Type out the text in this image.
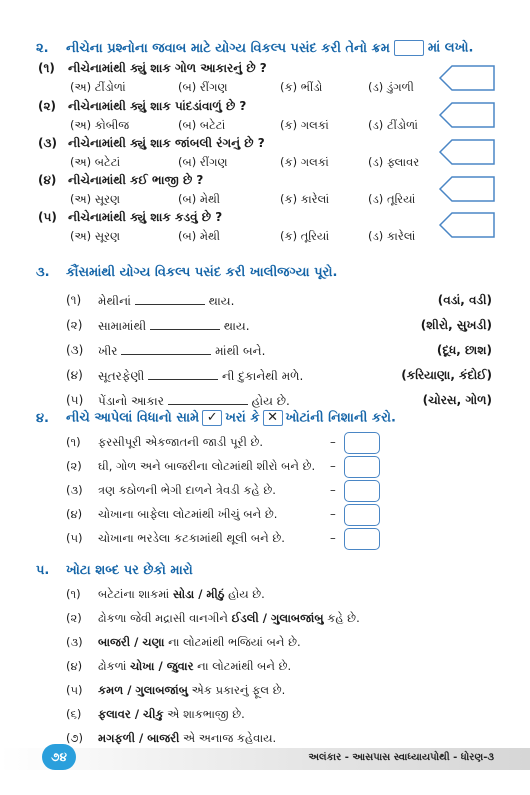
૨. નીચેના પ્રશ્નોના જવાબ માટે યોગ્ય વિકલ્પ પસંદ કરી તેનો ક્રમ	માં લખો.
(૧) નીચેનામાંથી ક્યું શાક ગોળ આકારનું છે ?
(અ) ટીંડોળાં	(બ) રીંગણ	(ક) ભીંડો	(ડ) ડુંગળી
(૨) નીચેનામાંથી ક્યું શાક પાંદડાંવાળું છે ?
(અ) કોબીજ	(બ) બટેટાં	(ક) ગલકાં	(ડ) ટીંડોળાં
(૩) નીચેનામાંથી ક્યું શાક જાંબલી રંગનું છે ?
(અ) બટેટાં	(બ) રીંગણ	(ક) ગલકાં	(ડ) ફ્લાવર
(૪) નીચેનામાંથી કઈ ભાજી છે ?
(અ) સૂરણ	(બ) મેથી	(ક) કારેલાં	(ડ) તૂરિયાં
(૫) નીચેનામાંથી ક્યું શાક કડવું છે ?
(અ) સૂરણ	(બ) મેથી	(ક) તૂરિયાં	(ડ) કારેલાં
૩. કૌંસમાંથી યોગ્ય વિકલ્પ પસંદ કરી ખાલીજગ્યા પૂરો.
(૧) મેથીનાં	થાય.	(વડાં, વડી)
(૨) સામામાંથી	થાય.	(શીરો, સુખડી)
(૩) ખીર	માંથી બને.	(દૂધ, છાશ)
(૪) સૂતરફેણી	ની દુકાનેથી મળે.	(કરિયાણા, કંદોઈ)
(૫) પેંડાનો આકાર	હોય છે.	(ચોરસ, ગોળ)
૪. નીચે આપેલાં વિધાનો સામે ✓ ખરાં કે ✕ ખોટાંની નિશાની કરો.
(૧) ફરસીપૂરી એકજાતની જાડી પૂરી છે.	–
(૨) ઘી, ગોળ અને બાજરીના લોટમાંથી શીરો બને છે. –
(૩) ત્રણ કઠોળની ભેગી દાળને ત્રેવડી કહે છે.	–
(૪) ચોખાના બાફેલા લોટમાંથી ખીચું બને છે.	–
(૫) ચોખાના ભરડેલા કટકામાંથી થૂલી બને છે.	–
પ. ખોટા શબ્દ પર છેકો મારો
(૧) બટેટાંના શાકમાં સોડા / મીઠું હોય છે.
(૨) ઢોકળા જેવી મદ્રાસી વાનગીને ઈડલી / ગુલાબજાંબુ કહે છે.
(૩) બાજરી / ચણા ના લોટમાંથી ભજિયાં બને છે.
(૪) ઢોકળાં ચોખા / જુવાર ના લોટમાંથી બને છે.
(૫) કમળ / ગુલાબજાંબુ એક પ્રકારનું ફૂલ છે.
(૬) ફલાવર / ચીકુ એ શાકભાજી છે.
(૭) મગફળી / બાજરી એ અનાજ કહેવાય.
૭૪	અલંકાર - આસપાસ સ્વાધ્યાયપોથી - ધોરણ-૩
